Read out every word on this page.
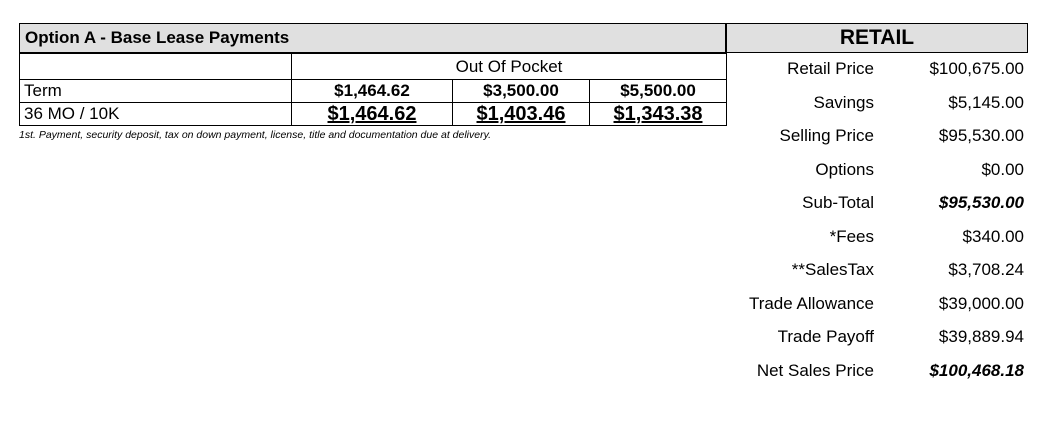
Option A - Base Lease Payments
	Out Of Pocket		
Term	$1,464.62	$3,500.00	$5,500.00
36 MO / 10K	$1,464.62	$1,403.46	$1,343.38
1st. Payment, security deposit, tax on down payment, license, title and documentation due at delivery.
RETAIL
Retail Price	$100,675.00
Savings	$5,145.00
Selling Price	$95,530.00
Options	$0.00
Sub-Total	$95,530.00
*Fees	$340.00
**SalesTax	$3,708.24
Trade Allowance	$39,000.00
Trade Payoff	$39,889.94
Net Sales Price	$100,468.18
